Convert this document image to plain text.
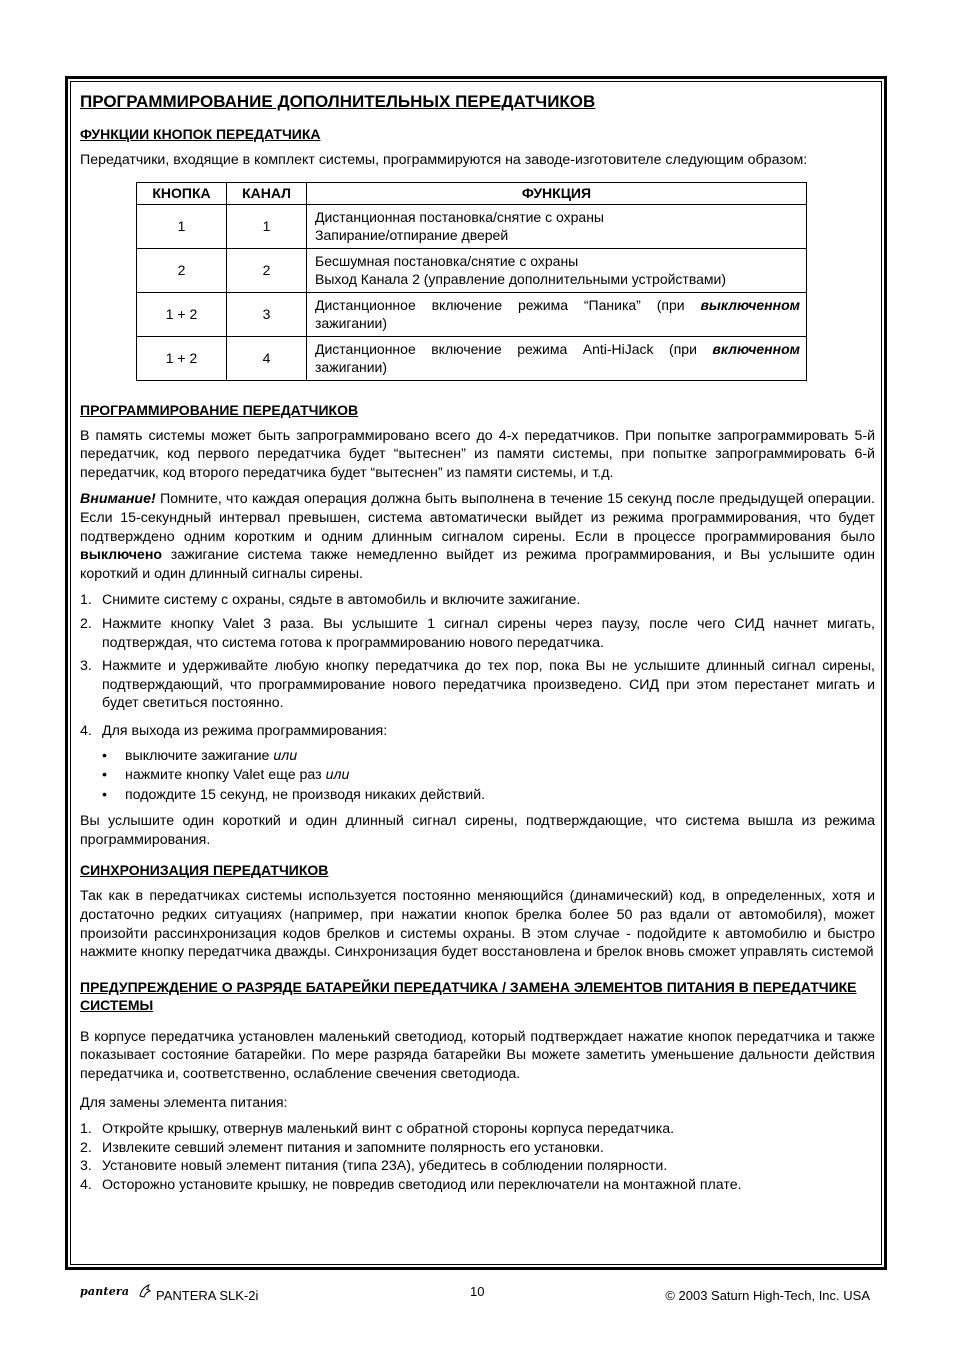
ПРОГРАММИРОВАНИЕ ДОПОЛНИТЕЛЬНЫХ ПЕРЕДАТЧИКОВ
ФУНКЦИИ КНОПОК ПЕРЕДАТЧИКА

Передатчики, входящие в комплект системы, программируются на заводе-изготовителе следующим образом:

КНОПКА	КАНАЛ	ФУНКЦИЯ
1	1	Дистанционная постановка/снятие с охраны
Запирание/отпирание дверей
2	2	Бесшумная постановка/снятие с охраны
Выход Канала 2 (управление дополнительными устройствами)
1 + 2	3	Дистанционное включение режима “Паника” (при выключенном зажигании)
1 + 2	4	Дистанционное включение режима Anti-HiJack (при включенном зажигании)
ПРОГРАММИРОВАНИЕ ПЕРЕДАТЧИКОВ

В память системы может быть запрограммировано всего до 4-х передатчиков. При попытке запрограммировать 5-й передатчик, код первого передатчика будет “вытеснен” из памяти системы, при попытке запрограммировать 6-й передатчик, код второго передатчика будет “вытеснен” из памяти системы, и т.д.

Внимание! Помните, что каждая операция должна быть выполнена в течение 15 секунд после предыдущей операции. Если 15-секундный интервал превышен, система автоматически выйдет из режима программирования, что будет подтверждено одним коротким и одним длинным сигналом сирены. Если в процессе программирования было выключено зажигание система также немедленно выйдет из режима программирования, и Вы услышите один короткий и один длинный сигналы сирены.

1. Снимите систему с охраны, сядьте в автомобиль и включите зажигание.
2. Нажмите кнопку Valet 3 раза. Вы услышите 1 сигнал сирены через паузу, после чего СИД начнет мигать, подтверждая, что система готова к программированию нового передатчика.
3. Нажмите и удерживайте любую кнопку передатчика до тех пор, пока Вы не услышите длинный сигнал сирены, подтверждающий, что программирование нового передатчика произведено. СИД при этом перестанет мигать и будет светиться постоянно.
4. Для выхода из режима программирования:
• выключите зажигание или
• нажмите кнопку Valet еще раз или
• подождите 15 секунд, не производя никаких действий.

Вы услышите один короткий и один длинный сигнал сирены, подтверждающие, что система вышла из режима программирования.

СИНХРОНИЗАЦИЯ ПЕРЕДАТЧИКОВ

Так как в передатчиках системы используется постоянно меняющийся (динамический) код, в определенных, хотя и достаточно редких ситуациях (например, при нажатии кнопок брелка более 50 раз вдали от автомобиля), может произойти рассинхронизация кодов брелков и системы охраны. В этом случае - подойдите к автомобилю и быстро нажмите кнопку передатчика дважды. Синхронизация будет восстановлена и брелок вновь сможет управлять системой

ПРЕДУПРЕЖДЕНИЕ О РАЗРЯДЕ БАТАРЕЙКИ ПЕРЕДАТЧИКА / ЗАМЕНА ЭЛЕМЕНТОВ ПИТАНИЯ В ПЕРЕДАТЧИКЕ СИСТЕМЫ

В корпусе передатчика установлен маленький светодиод, который подтверждает нажатие кнопок передатчика и также показывает состояние батарейки. По мере разряда батарейки Вы можете заметить уменьшение дальности действия передатчика и, соответственно, ослабление свечения светодиода.

Для замены элемента питания:

1. Откройте крышку, отвернув маленький винт с обратной стороны корпуса передатчика.
2. Извлеките севший элемент питания и запомните полярность его установки.
3. Установите новый элемент питания (типа 23А), убедитесь в соблюдении полярности.
4. Осторожно установите крышку, не повредив светодиод или переключатели на монтажной плате.
pantera PANTERA SLK-2i	10	© 2003 Saturn High-Tech, Inc. USA
